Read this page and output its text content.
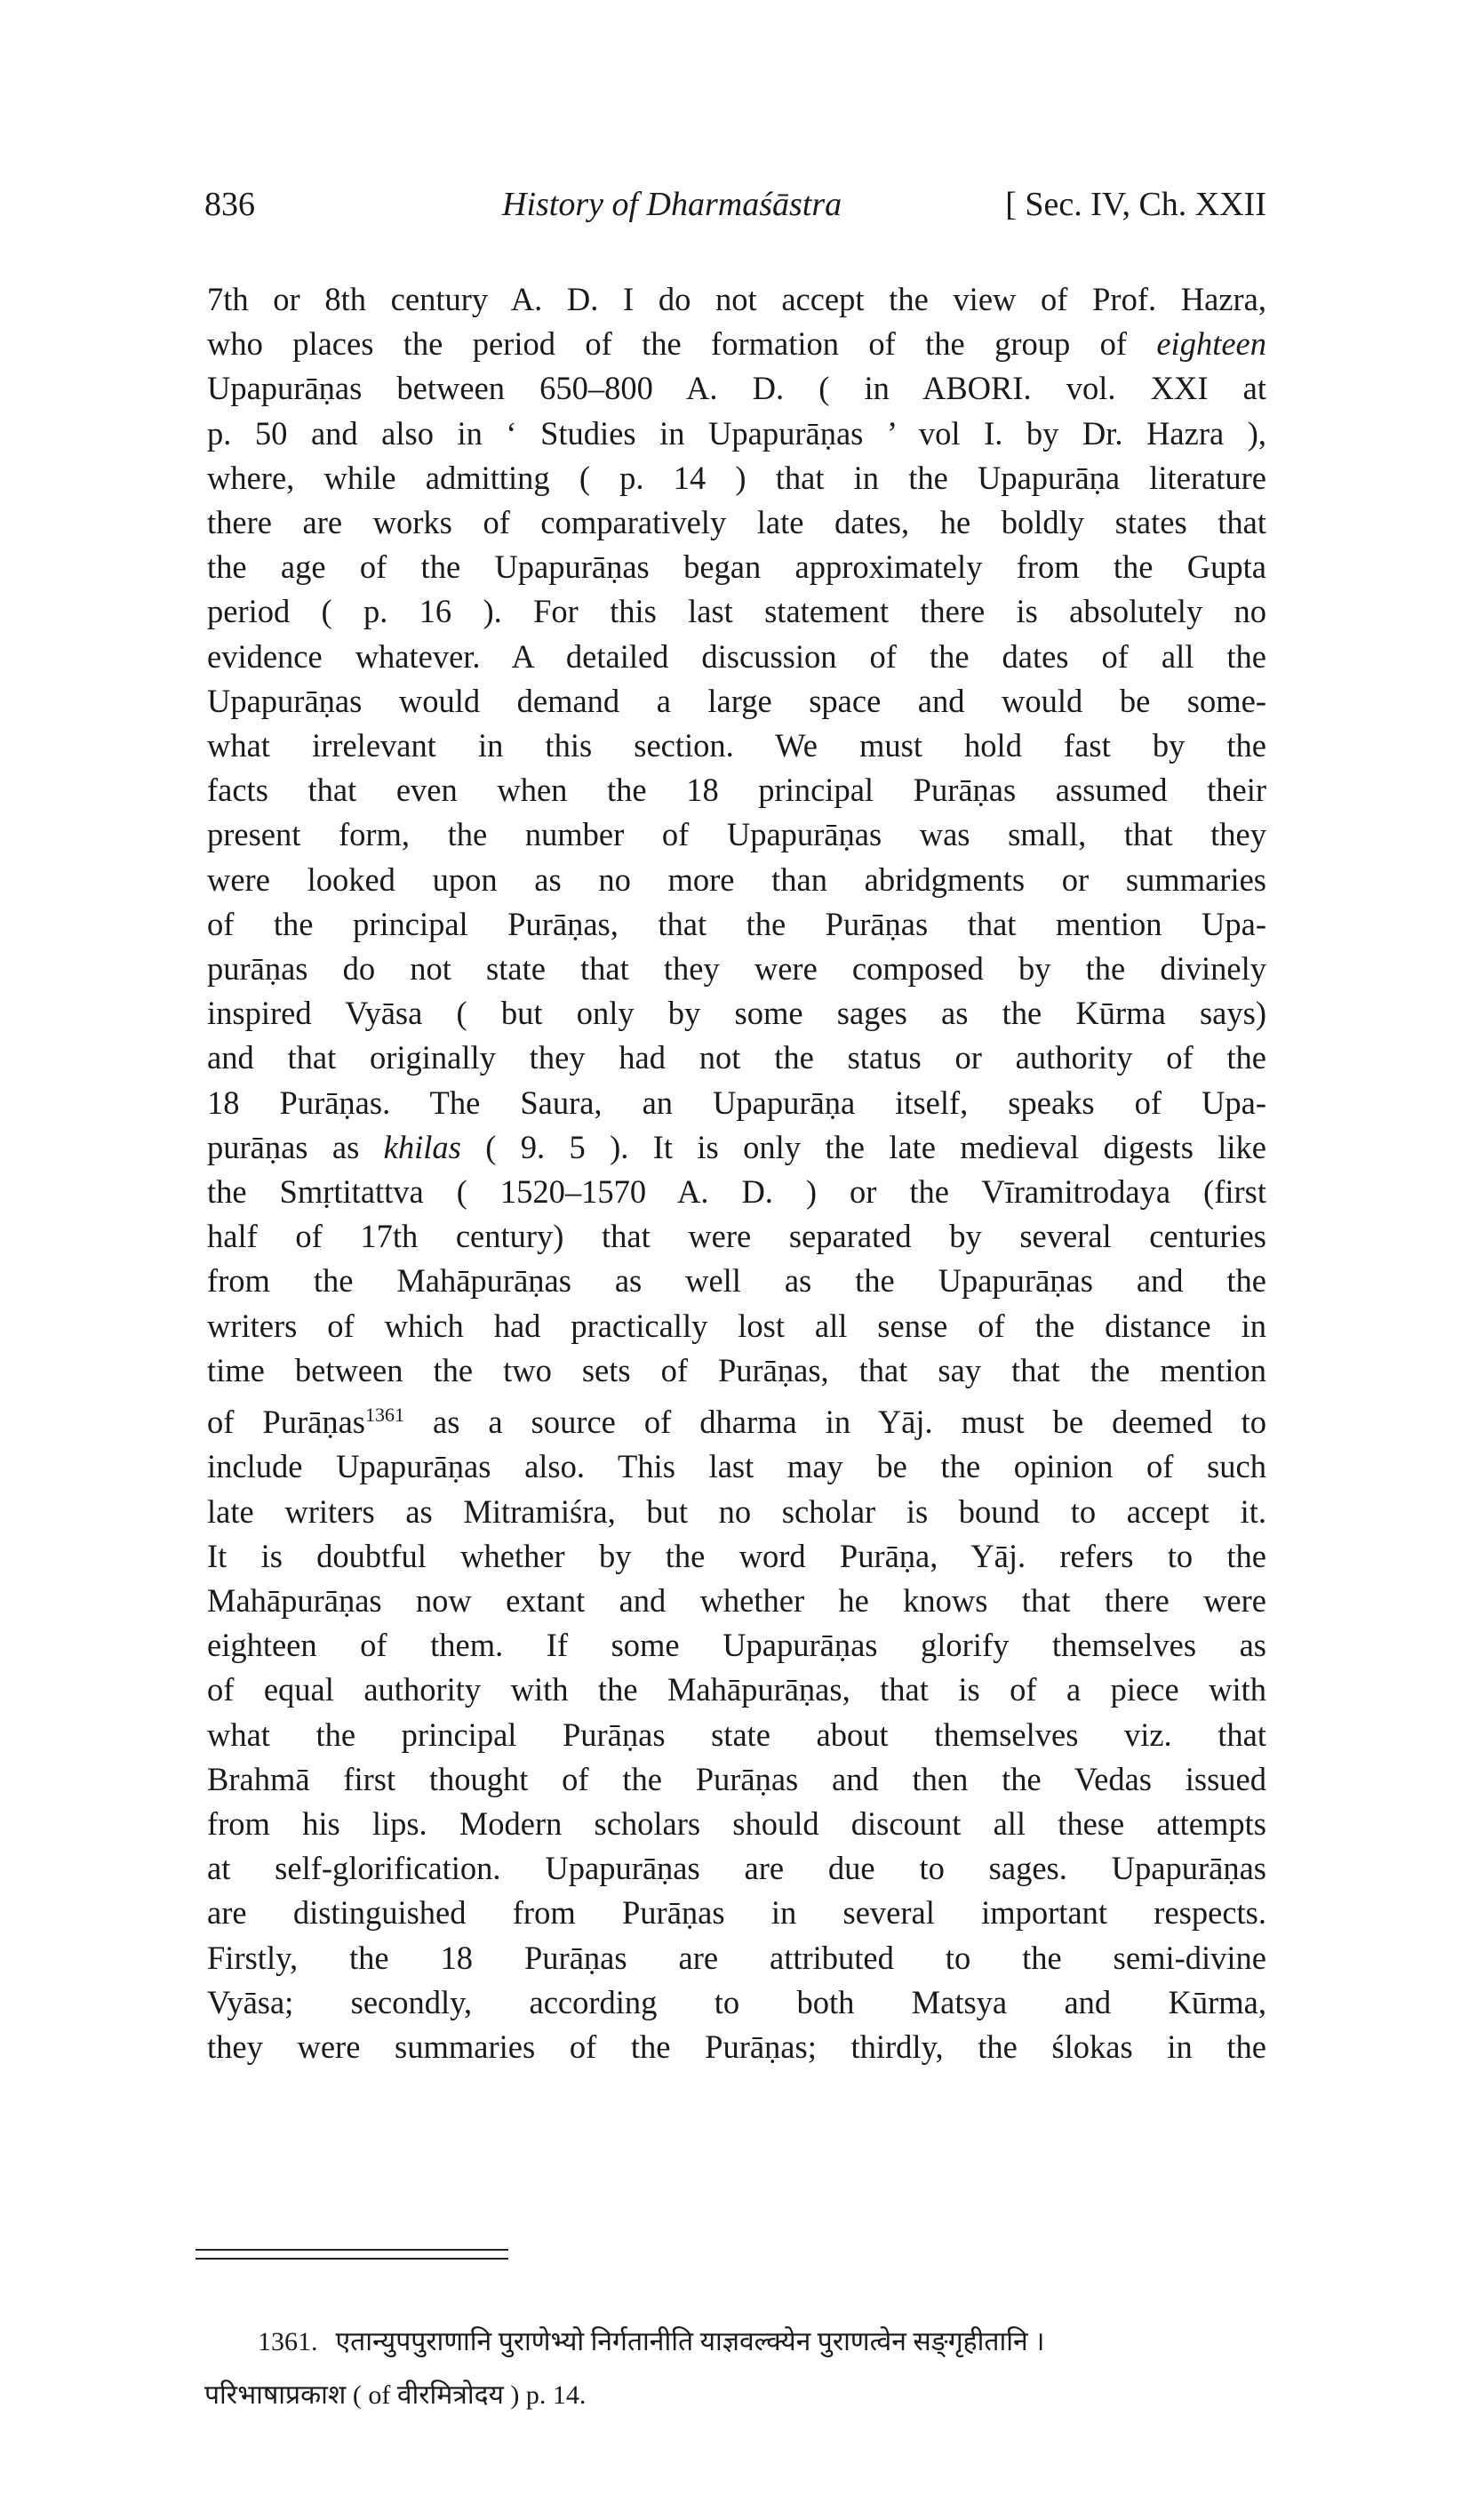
836	History of Dharmaśāstra	[ Sec. IV, Ch. XXII
7th or 8th century A. D. I do not accept the view of Prof. Hazra,
who places the period of the formation of the group of eighteen
Upapurāṇas between 650–800 A. D. ( in ABORI. vol. XXI at
p. 50 and also in ‘ Studies in Upapurāṇas ’ vol I. by Dr. Hazra ),
where, while admitting ( p. 14 ) that in the Upapurāṇa literature
there are works of comparatively late dates, he boldly states that
the age of the Upapurāṇas began approximately from the Gupta
period ( p. 16 ). For this last statement there is absolutely no
evidence whatever. A detailed discussion of the dates of all the
Upapurāṇas would demand a large space and would be some-
what irrelevant in this section. We must hold fast by the
facts that even when the 18 principal Purāṇas assumed their
present form, the number of Upapurāṇas was small, that they
were looked upon as no more than abridgments or summaries
of the principal Purāṇas, that the Purāṇas that mention Upa-
purāṇas do not state that they were composed by the divinely
inspired Vyāsa ( but only by some sages as the Kūrma says)
and that originally they had not the status or authority of the
18 Purāṇas. The Saura, an Upapurāṇa itself, speaks of Upa-
purāṇas as khilas ( 9. 5 ). It is only the late medieval digests like
the Smṛtitattva ( 1520–1570 A. D. ) or the Vīramitrodaya (first
half of 17th century) that were separated by several centuries
from the Mahāpurāṇas as well as the Upapurāṇas and the
writers of which had practically lost all sense of the distance in
time between the two sets of Purāṇas, that say that the mention
of Purāṇas$^{1361}$ as a source of dharma in Yāj. must be deemed to
include Upapurāṇas also. This last may be the opinion of such
late writers as Mitramiśra, but no scholar is bound to accept it.
It is doubtful whether by the word Purāṇa, Yāj. refers to the
Mahāpurāṇas now extant and whether he knows that there were
eighteen of them. If some Upapurāṇas glorify themselves as
of equal authority with the Mahāpurāṇas, that is of a piece with
what the principal Purāṇas state about themselves viz. that
Brahmā first thought of the Purāṇas and then the Vedas issued
from his lips. Modern scholars should discount all these attempts
at self-glorification. Upapurāṇas are due to sages. Upapurāṇas
are distinguished from Purāṇas in several important respects.
Firstly, the 18 Purāṇas are attributed to the semi-divine
Vyāsa; secondly, according to both Matsya and Kūrma,
they were summaries of the Purāṇas; thirdly, the ślokas in the
1361. एतान्युपपुराणानि पुराणेभ्यो निर्गतानीति याज्ञवल्क्येन पुराणत्वेन सङ्गृहीतानि ।
परिभाषाप्रकाश ( of वीरमित्रोदय ) p. 14.
